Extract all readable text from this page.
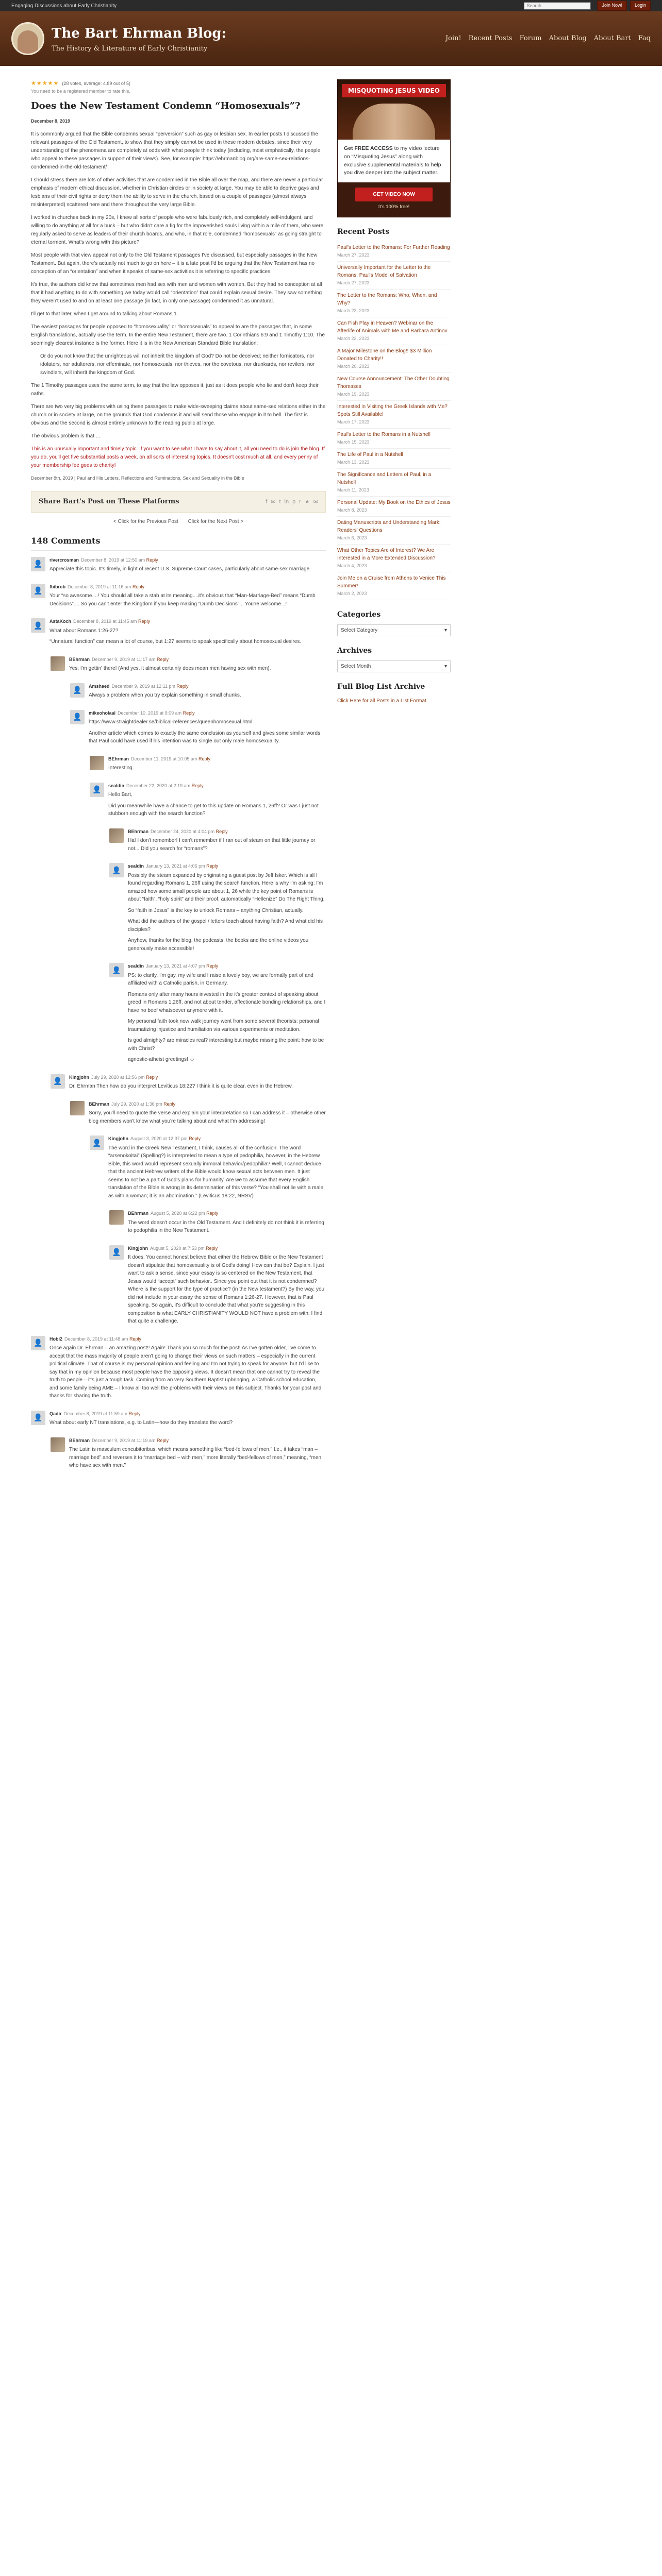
Engaging Discussions about Early Christianity
Search	Join Now!	Login
The Bart Ehrman Blog:
The History & Literature of Early Christianity
Join! Recent Posts Forum About Blog About Bart Faq
★★★★★ (28 votes, average: 4.89 out of 5)
You need to be a registered member to rate this.
Does the New Testament Condemn “Homosexuals”?
December 8, 2019

It is commonly argued that the Bible condemns sexual “perversion” such as gay or lesbian sex. In earlier posts I discussed the relevant passages of the Old Testament, to show that they simply cannot be used in these modern debates, since their very understanding of the phenomena are completely at odds with what people think today (including, most emphatically, the people who appeal to these passages in support of their views). See, for example: https://ehrmanblog.org/are-same-sex-relations-condemned-in-the-old-testament/

I should stress there are lots of other activities that are condemned in the Bible all over the map, and there are never a particular emphasis of modern ethical discussion, whether in Christian circles or in society at large. You may be able to deprive gays and lesbians of their civil rights or deny them the ability to serve in the church, based on a couple of passages (almost always misinterpreted) scattered here and there throughout the very large Bible.

I worked in churches back in my 20s, I knew all sorts of people who were fabulously rich, and completely self-indulgent, and willing to do anything at all for a buck – but who didn't care a fig for the impoverished souls living within a mile of them, who were regularly asked to serve as leaders of their church boards, and who, in that role, condemned “homosexuals” as going straight to eternal torment. What's wrong with this picture?

Most people with that view appeal not only to the Old Testament passages I've discussed, but especially passages in the New Testament. But again, there's actually not much to go on here – it is a late post I'd be arguing that the New Testament has no conception of an “orientation” and when it speaks of same-sex activities it is referring to specific practices.

It's true, the authors did know that sometimes men had sex with men and women with women. But they had no conception at all that it had anything to do with something we today would call “orientation” that could explain sexual desire. They saw something they weren't used to and on at least one passage (in fact, in only one passage) condemned it as unnatural.

I'll get to that later, when I get around to talking about Romans 1.

The easiest passages for people opposed to “homosexuality” or “homosexuals” to appeal to are the passages that, in some English translations, actually use the term. In the entire New Testament, there are two. 1 Corinthians 6:9 and 1 Timothy 1:10. The seemingly clearest instance is the former. Here it is in the New American Standard Bible translation:

Or do you not know that the unrighteous will not inherit the kingdom of God? Do not be deceived; neither fornicators, nor idolaters, nor adulterers, nor effeminate, nor homosexuals, nor thieves, nor the covetous, nor drunkards, nor revilers, nor swindlers, will inherit the kingdom of God.

The 1 Timothy passages uses the same term, to say that the law opposes it, just as it does people who lie and don't keep their oaths.

There are two very big problems with using these passages to make wide-sweeping claims about same-sex relations either in the church or in society at large, on the grounds that God condemns it and will send those who engage in it to hell. The first is obvious and the second is almost entirely unknown to the reading public at large.

The obvious problem is that …

This is an unusually important and timely topic. If you want to see what I have to say about it, all you need to do is join the blog. If you do, you'll get five substantial posts a week, on all sorts of interesting topics. It doesn't cost much at all, and every penny of your membership fee goes to charity!

December 8th, 2019 | Paul and His Letters, Reflections and Ruminations, Sex and Sexuality in the Bible
Share Bart's Post on These Platforms	f ✉ t in p r ★ ✉
< Click for the Previous Post Click for the Next Post >
148 Comments
👤	rivercrosman December 8, 2019 at 12:50 am Reply

Appreciate this topic. It's timely, in light of recent U.S. Supreme Court cases, particularly about same-sex marriage.

👤	fbibrob December 8, 2019 at 11:16 am Reply

Your “so awesome....! You should all take a stab at its meaning....it's obvious that “Man-Marriage-Bed” means “Dumb Decisions”.... So you can't enter the Kingdom if you keep making “Dumb Decisions”... You're welcome...!

👤	AstaKoch December 8, 2019 at 11:45 am Reply

What about Romans 1:26-27?

“Unnatural function” can mean a lot of course, but 1:27 seems to speak specifically about homosexual desires.

BEhrman December 9, 2019 at 11:17 am Reply

Yes, I'm gettin' there! (And yes, it almost certainly does mean men having sex with men).

👤	Amshaed December 9, 2019 at 12:11 pm Reply

Always a problem when you try explain something in small chunks.

👤	mikeoholaal December 10, 2019 at 9:09 am Reply

https://www.straightdealer.se/biblical-references/queenhomosexual.html

Another article which comes to exactly the same conclusion as yourself and gives some similar words that Paul could have used if his intention was to single out only male homosexuality.

BEhrman December 11, 2019 at 10:05 am Reply

Interesting.

👤	sealdin December 22, 2020 at 2:19 am Reply

Hello Bart,

Did you meanwhile have a chance to get to this update on Romans 1, 26ff? Or was I just not stubborn enough with the search function?

BEhrman December 24, 2020 at 4:04 pm Reply

Ha! I don't remember! I can't remember if I ran out of steam on that little journey or not... Did you search for “romans”?

👤	sealdin January 13, 2021 at 4:06 pm Reply

Possibly the steam expanded by originating a guest post by Jeff Isker. Which is all I found regarding Romans 1, 26ff using the search function. Here is why I'm asking: I'm amazed how some small people are about 1, 26 while the key point of Romans is about “faith”, “holy spirit” and their proof: automatically “Hellenize” Do The Right Thing.

So “faith in Jesus” is the key to unlock Romans – anything Christian, actually.

What did the authors of the gospel / letters teach about having faith? And what did his disciples?

Anyhow, thanks for the blog, the podcasts, the books and the online videos you generously make accessible!

👤	sealdin January 13, 2021 at 4:07 pm Reply

PS: to clarify, I'm gay, my wife and I raise a lovely boy, we are formally part of and affiliated with a Catholic parish, in Germany.

Romans only after many hours invested in the it's greater context of speaking about greed in Romans 1,26ff, and not about tender, affectionate bonding relationships, and I have no beef whatsoever anymore with it.

My personal faith took now walk journey went from some several theorists: personal traumatizing injustice and humiliation via various experiments or meditation.

Is god almighty? are miracles real? interesting but maybe missing the point: how to be with Christ?

agnostic-atheist greetings! ☺

👤	Kingjohn July 29, 2020 at 12:56 pm Reply

Dr. Ehrman Then how do you interpret Leviticus 18:22? I think it is quite clear, even in the Hebrew,

BEhrman July 29, 2020 at 1:36 pm Reply

Sorry, you'll need to quote the verse and explain your interpretation so I can address it – otherwise other blog members won't know what you're talking about and what I'm addressing!

👤	Kingjohn August 3, 2020 at 12:37 pm Reply

The word in the Greek New Testament, I think, causes all of the confusion. The word “arsenokoitai” (Spelling?) is interpreted to mean a type of pedophilia, however, in the Hebrew Bible, this word would represent sexually immoral behavior/pedophilia? Well, I cannot deduce that the ancient Hebrew writers of the Bible would know sexual acts between men. It just seems to not be a part of God's plans for humanity. Are we to assume that every English translation of the Bible is wrong in its determination of this verse? “You shall not lie with a male as with a woman; it is an abomination.” (Leviticus 18:22, NRSV)

BEhrman August 5, 2020 at 6:22 pm Reply

The word doesn't occur in the Old Testament. And I definitely do not think it is referring to pedophilia in the New Testament.

👤	Kingjohn August 5, 2020 at 7:53 pm Reply

It does. You cannot honest believe that either the Hebrew Bible or the New Testament doesn't stipulate that homosexuality is of God's doing! How can that be? Explain. I just want to ask a sense, since your essay is so centered on the New Testament, that Jesus would “accept” such behavior.. Since you point out that it is not condemned? Where is the support for the type of practice? (in the New testament?) By the way, you did not include in your essay the sense of Romans 1:26-27. However, that is Paul speaking. So again, it's difficult to conclude that what you're suggesting in this composition is what EARLY CHRISTIANITY WOULD NOT have a problem with; I find that quite a challenge.

👤	Hobi2 December 8, 2019 at 11:48 am Reply

Once again Dr. Ehrman – an amazing post!! Again! Thank you so much for the post! As I've gotten older, I've come to accept that the mass majority of people aren't going to change their views on such matters – especially in the current political climate. That of course is my personal opinion and feeling and I'm not trying to speak for anyone; but I'd like to say that in my opinion because most people have the opposing views. It doesn't mean that one cannot try to reveal the truth to people – it's just a tough task. Coming from an very Southern Baptist upbringing, a Catholic school education, and some family being AME – I know all too well the problems with their views on this subject. Thanks for your post and thanks for sharing the truth.

👤	Qadir December 8, 2019 at 11:59 am Reply

What about early NT translations, e.g. to Latin—how do they translate the word?

BEhrman December 9, 2019 at 11:19 am Reply

The Latin is masculum concubitoribus, which means something like “bed-fellows of men.” I.e., it takes “man – marriage bed” and reverses it to “marriage bed – with men,” more literally “bed-fellows of men,” meaning, “men who have sex with men.”

MISQUOTING JESUS VIDEO
Get FREE ACCESS to my video lecture on “Misquoting Jesus” along with exclusive supplemental materials to help you dive deeper into the subject matter.
GET VIDEO NOW
It's 100% free!
Recent Posts
Paul's Letter to the Romans: For Further Reading
March 27, 2023
Universally Important for the Letter to the Romans: Paul's Model of Salvation
March 27, 2023
The Letter to the Romans: Who, When, and Why?
March 23, 2023
Can Fish Play in Heaven? Webinar on the Afterlife of Animals with Me and Barbara Antinov
March 22, 2023
A Major Milestone on the Blog!! $3 Million Donated to Charity!!
March 20, 2023
New Course Announcement: The Other Doubting Thomases
March 19, 2023
Interested in Visiting the Greek Islands with Me? Spots Still Available!
March 17, 2023
Paul's Letter to the Romans in a Nutshell
March 15, 2023
The Life of Paul in a Nutshell
March 13, 2023
The Significance and Letters of Paul, in a Nutshell
March 11, 2023
Personal Update: My Book on the Ethics of Jesus
March 8, 2023
Dating Manuscripts and Understanding Mark: Readers' Questions
March 6, 2023
What Other Topics Are of Interest? We Are Interested in a More Extended Discussion?
March 4, 2023
Join Me on a Cruise from Athens to Venice This Summer!
March 2, 2023
Categories
Select Category	▾
Archives
Select Month	▾
Full Blog List Archive
Click Here for all Posts in a List Format
